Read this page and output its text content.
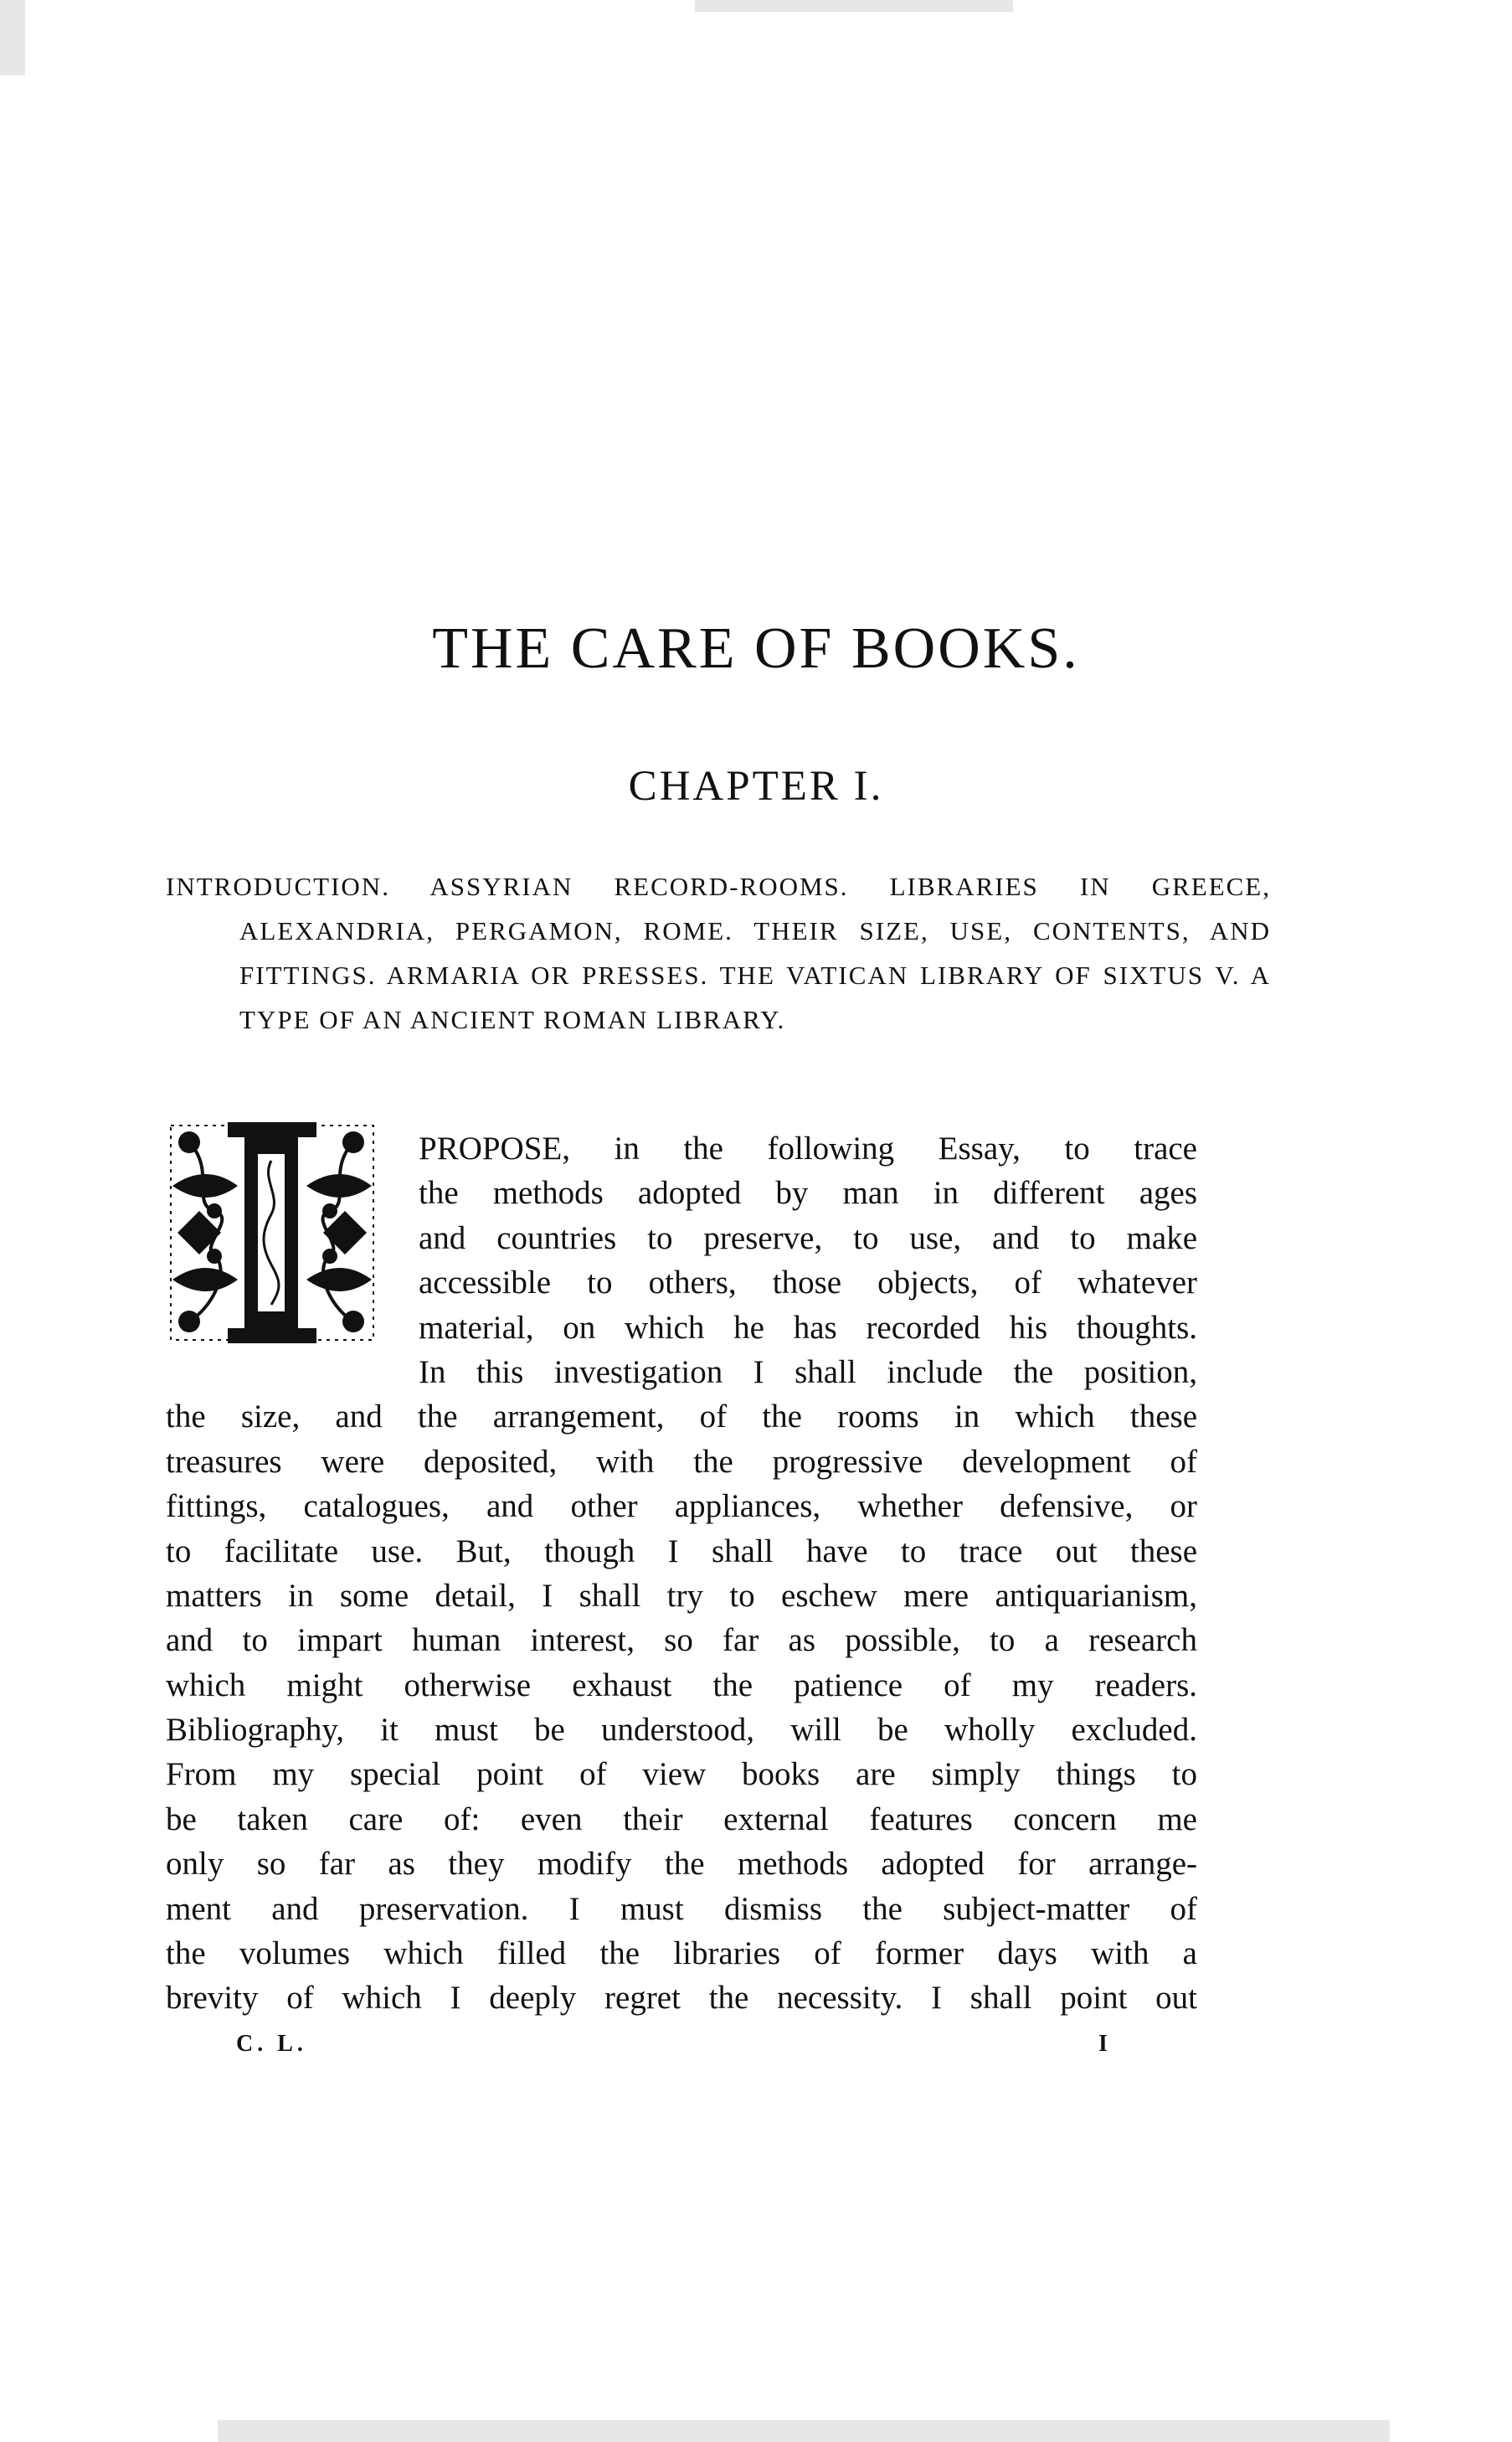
THE CARE OF BOOKS.
CHAPTER I.

INTRODUCTION. ASSYRIAN RECORD-ROOMS. LIBRARIES IN GREECE, ALEXANDRIA, PERGAMON, ROME. THEIR SIZE, USE, CONTENTS, AND FITTINGS. ARMARIA OR PRESSES. THE VATICAN LIBRARY OF SIXTUS V. A TYPE OF AN ANCIENT ROMAN LIBRARY.

PROPOSE, in the following Essay, to trace
the methods adopted by man in different ages
and countries to preserve, to use, and to make
accessible to others, those objects, of whatever
material, on which he has recorded his thoughts.
In this investigation I shall include the position,
the size, and the arrangement, of the rooms in which these
treasures were deposited, with the progressive development of
fittings, catalogues, and other appliances, whether defensive, or
to facilitate use. But, though I shall have to trace out these
matters in some detail, I shall try to eschew mere antiquarianism,
and to impart human interest, so far as possible, to a research
which might otherwise exhaust the patience of my readers.
Bibliography, it must be understood, will be wholly excluded.
From my special point of view books are simply things to
be taken care of: even their external features concern me
only so far as they modify the methods adopted for arrange-
ment and preservation. I must dismiss the subject-matter of
the volumes which filled the libraries of former days with a
brevity of which I deeply regret the necessity. I shall point out

C. L.	I
